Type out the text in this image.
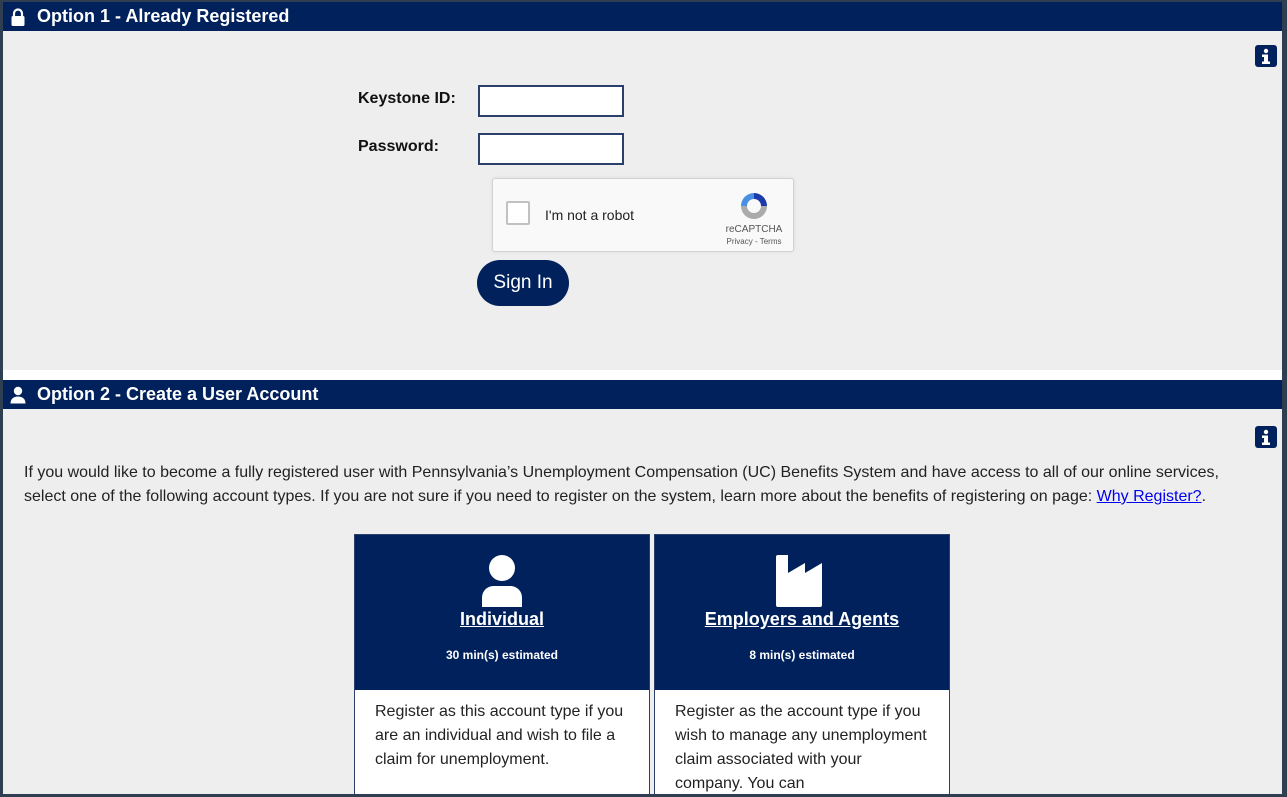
Option 1 - Already Registered
Keystone ID:
Password:
I'm not a robot
reCAPTCHA
Privacy - Terms
Sign In
Option 2 - Create a User Account
If you would like to become a fully registered user with Pennsylvania’s Unemployment Compensation (UC) Benefits System and have access to all of our online services, select one of the following account types. If you are not sure if you need to register on the system, learn more about the benefits of registering on page: Why Register?.
Individual
30 min(s) estimated
Register as this account type if you are an individual and wish to file a claim for unemployment.
Employers and Agents
8 min(s) estimated
Register as the account type if you wish to manage any unemployment claim associated with your company. You can
